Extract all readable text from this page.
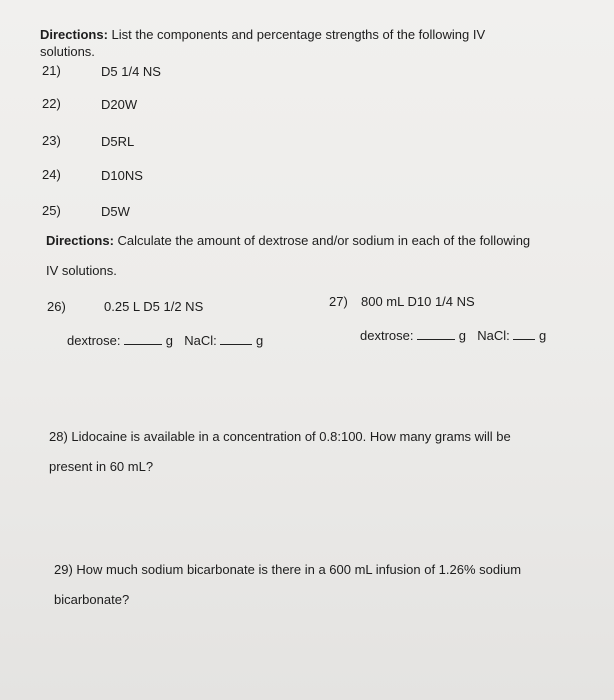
Directions: List the components and percentage strengths of the following IV
solutions.
21)	D5 1/4 NS
22)	D20W
23)	D5RL
24)	D10NS
25)	D5W
Directions: Calculate the amount of dextrose and/or sodium in each of the following
IV solutions.
26)	0.25 L D5 1/2 NS
dextrose:	g NaCl:	g
27) 800 mL D10 1/4 NS
dextrose:	g NaCl: g
28) Lidocaine is available in a concentration of 0.8:100. How many grams will be
present in 60 mL?
29) How much sodium bicarbonate is there in a 600 mL infusion of 1.26% sodium
bicarbonate?
